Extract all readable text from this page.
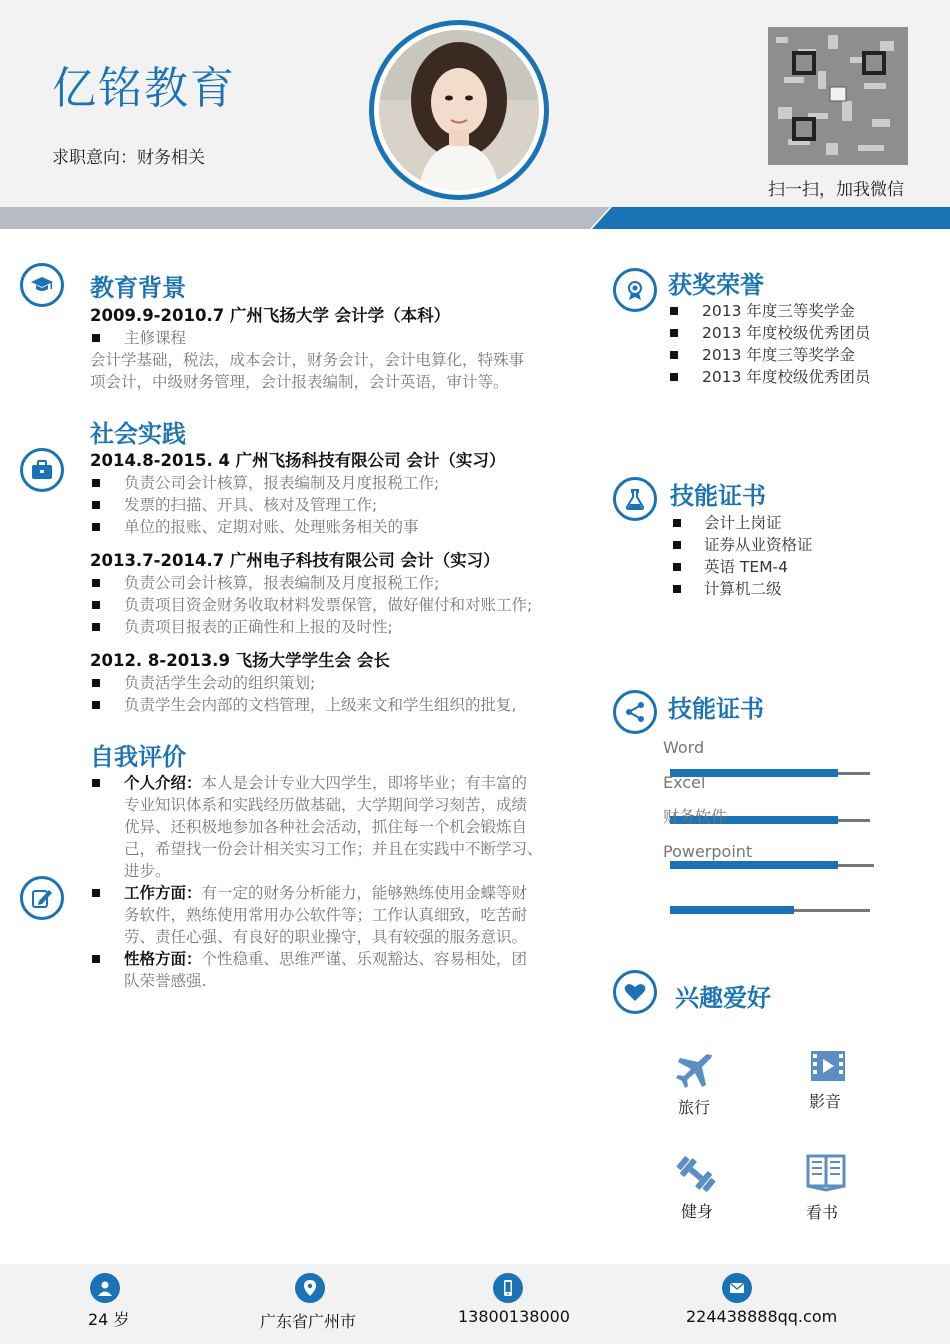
亿铭教育
求职意向：财务相关
扫一扫，加我微信
教育背景
2009.9-2010.7 广州飞扬大学 会计学（本科）
主修课程
会计学基础，税法，成本会计，财务会计，会计电算化，特殊事
项会计，中级财务管理，会计报表编制，会计英语，审计等。
社会实践
2014.8-2015. 4 广州飞扬科技有限公司 会计（实习）
负责公司会计核算，报表编制及月度报税工作;
发票的扫描、开具、核对及管理工作;
单位的报账、定期对账、处理账务相关的事
2013.7-2014.7 广州电子科技有限公司 会计（实习）
负责公司会计核算，报表编制及月度报税工作;
负责项目资金财务收取材料发票保管，做好催付和对账工作;
负责项目报表的正确性和上报的及时性;
2012. 8-2013.9 飞扬大学学生会 会长
负责活学生会动的组织策划;
负责学生会内部的文档管理，上级来文和学生组织的批复,
自我评价
个人介绍：本人是会计专业大四学生，即将毕业；有丰富的
专业知识体系和实践经历做基础，大学期间学习刻苦，成绩
优异、还积极地参加各种社会活动，抓住每一个机会锻炼自
己，希望找一份会计相关实习工作；并且在实践中不断学习、
进步。
工作方面：有一定的财务分析能力，能够熟练使用金蝶等财
务软件，熟练使用常用办公软件等；工作认真细致，吃苦耐
劳、责任心强、有良好的职业操守，具有较强的服务意识。
性格方面：个性稳重、思维严谨、乐观豁达、容易相处，团
队荣誉感强.
获奖荣誉
2013 年度三等奖学金
2013 年度校级优秀团员
2013 年度三等奖学金
2013 年度校级优秀团员
技能证书
会计上岗证
证券从业资格证
英语 TEM-4
计算机二级
技能证书
Word
Excel
财务软件
Powerpoint
兴趣爱好
旅行	影音
健身	看书
24 岁	广东省广州市	13800138000	224438888qq.com
